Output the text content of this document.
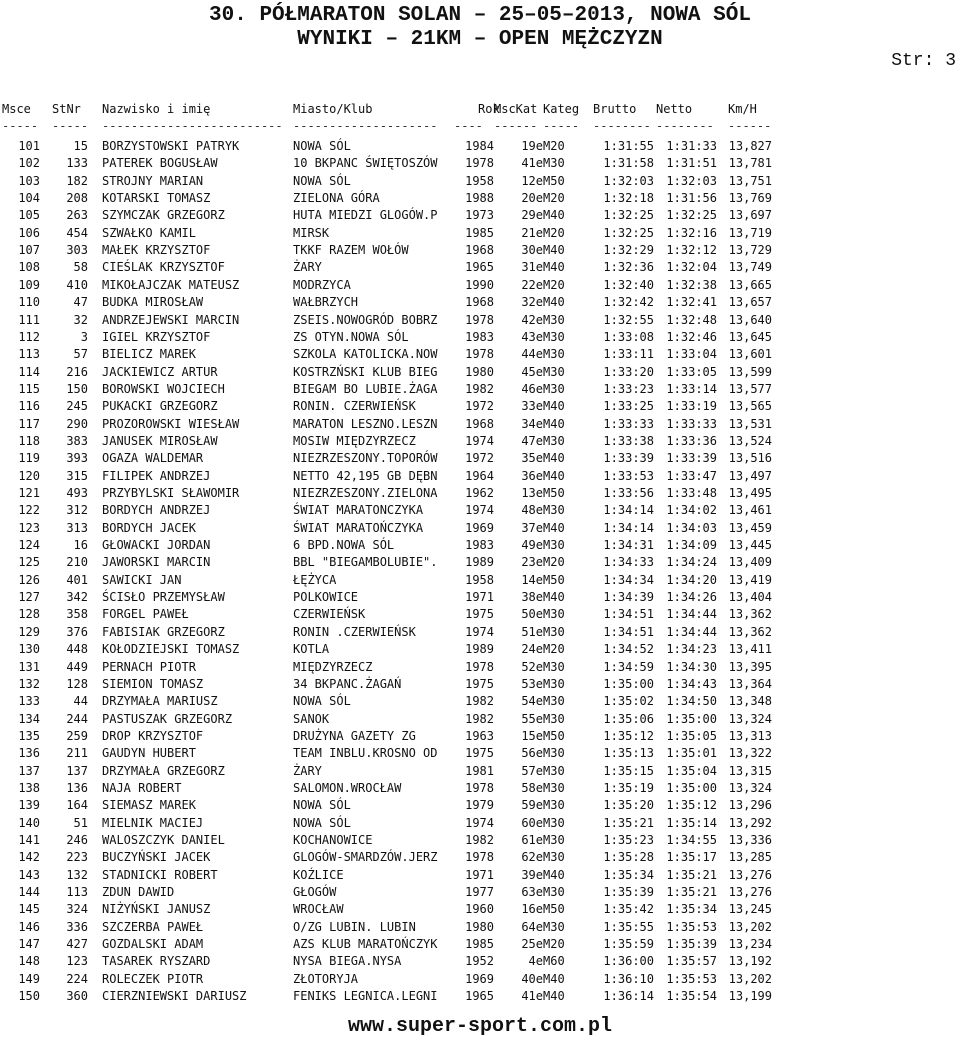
30. PÓŁMARATON SOLAN – 25–05–2013, NOWA SÓL
WYNIKI – 21KM – OPEN MĘŻCZYZN
Str: 3
Msce StNr Nazwisko i imię	Miasto/Klub	Rok
MscKat Kateg Brutto Netto	Km/H
----- ----- ------------------------- -------------------- ---- ------ ----- -------- -------- ------
101	15 BORZYSTOWSKI PATRYK	NOWA SÓL	1984	19e M20	1:31:55	1:31:33 13,827
102	133 PATEREK BOGUSŁAW	10 BKPANC ŚWIĘTOSZÓW	1978	41e M30	1:31:58	1:31:51 13,781
103	182 STROJNY MARIAN	NOWA SÓL	1958	12e M50	1:32:03	1:32:03 13,751
104	208 KOTARSKI TOMASZ	ZIELONA GÓRA	1988	20e M20	1:32:18	1:31:56 13,769
105	263 SZYMCZAK GRZEGORZ	HUTA MIEDZI GLOGÓW.P	1973	29e M40	1:32:25	1:32:25 13,697
106	454 SZWAŁKO KAMIL	MIRSK	1985	21e M20	1:32:25	1:32:16 13,719
107	303 MAŁEK KRZYSZTOF	TKKF RAZEM WOŁÓW	1968	30e M40	1:32:29	1:32:12 13,729
108	58 CIEŚLAK KRZYSZTOF	ŻARY	1965	31e M40	1:32:36	1:32:04 13,749
109	410 MIKOŁAJCZAK MATEUSZ	MODRZYCA	1990	22e M20	1:32:40	1:32:38 13,665
110	47 BUDKA MIROSŁAW	WAŁBRZYCH	1968	32e M40	1:32:42	1:32:41 13,657
111	32 ANDRZEJEWSKI MARCIN	ZSEIS.NOWOGRÓD BOBRZ	1978	42e M30	1:32:55	1:32:48 13,640
112	3 IGIEL KRZYSZTOF	ZS OTYN.NOWA SÓL	1983	43e M30	1:33:08	1:32:46 13,645
113	57 BIELICZ MAREK	SZKOLA KATOLICKA.NOW	1978	44e M30	1:33:11	1:33:04 13,601
114	216 JACKIEWICZ ARTUR	KOSTRZŃSKI KLUB BIEG	1980	45e M30	1:33:20	1:33:05 13,599
115	150 BOROWSKI WOJCIECH	BIEGAM BO LUBIE.ŻAGA	1982	46e M30	1:33:23	1:33:14 13,577
116	245 PUKACKI GRZEGORZ	RONIN. CZERWIEŃSK	1972	33e M40	1:33:25	1:33:19 13,565
117	290 PROZOROWSKI WIESŁAW	MARATON LESZNO.LESZN	1968	34e M40	1:33:33	1:33:33 13,531
118	383 JANUSEK MIROSŁAW	MOSIW MIĘDZYRZECZ	1974	47e M30	1:33:38	1:33:36 13,524
119	393 OGAZA WALDEMAR	NIEZRZESZONY.TOPORÓW	1972	35e M40	1:33:39	1:33:39 13,516
120	315 FILIPEK ANDRZEJ	NETTO 42,195 GB DĘBN	1964	36e M40	1:33:53	1:33:47 13,497
121	493 PRZYBYLSKI SŁAWOMIR	NIEZRZESZONY.ZIELONA	1962	13e M50	1:33:56	1:33:48 13,495
122	312 BORDYCH ANDRZEJ	ŚWIAT MARATONCZYKA	1974	48e M30	1:34:14	1:34:02 13,461
123	313 BORDYCH JACEK	ŚWIAT MARATOŃCZYKA	1969	37e M40	1:34:14	1:34:03 13,459
124	16 GŁOWACKI JORDAN	6 BPD.NOWA SÓL	1983	49e M30	1:34:31	1:34:09 13,445
125	210 JAWORSKI MARCIN	BBL "BIEGAMBOLUBIE".	1989	23e M20	1:34:33	1:34:24 13,409
126	401 SAWICKI JAN	ŁĘŻYCA	1958	14e M50	1:34:34	1:34:20 13,419
127	342 ŚCISŁO PRZEMYSŁAW	POLKOWICE	1971	38e M40	1:34:39	1:34:26 13,404
128	358 FORGEL PAWEŁ	CZERWIEŃSK	1975	50e M30	1:34:51	1:34:44 13,362
129	376 FABISIAK GRZEGORZ	RONIN .CZERWIEŃSK	1974	51e M30	1:34:51	1:34:44 13,362
130	448 KOŁODZIEJSKI TOMASZ	KOTLA	1989	24e M20	1:34:52	1:34:23 13,411
131	449 PERNACH PIOTR	MIĘDZYRZECZ	1978	52e M30	1:34:59	1:34:30 13,395
132	128 SIEMION TOMASZ	34 BKPANC.ŻAGAŃ	1975	53e M30	1:35:00	1:34:43 13,364
133	44 DRZYMAŁA MARIUSZ	NOWA SÓL	1982	54e M30	1:35:02	1:34:50 13,348
134	244 PASTUSZAK GRZEGORZ	SANOK	1982	55e M30	1:35:06	1:35:00 13,324
135	259 DROP KRZYSZTOF	DRUŻYNA GAZETY ZG	1963	15e M50	1:35:12	1:35:05 13,313
136	211 GAUDYN HUBERT	TEAM INBLU.KROSNO OD	1975	56e M30	1:35:13	1:35:01 13,322
137	137 DRZYMAŁA GRZEGORZ	ŻARY	1981	57e M30	1:35:15	1:35:04 13,315
138	136 NAJA ROBERT	SALOMON.WROCŁAW	1978	58e M30	1:35:19	1:35:00 13,324
139	164 SIEMASZ MAREK	NOWA SÓL	1979	59e M30	1:35:20	1:35:12 13,296
140	51 MIELNIK MACIEJ	NOWA SÓL	1974	60e M30	1:35:21	1:35:14 13,292
141	246 WALOSZCZYK DANIEL	KOCHANOWICE	1982	61e M30	1:35:23	1:34:55 13,336
142	223 BUCZYŃSKI JACEK	GLOGÓW-SMARDZÓW.JERZ	1978	62e M30	1:35:28	1:35:17 13,285
143	132 STADNICKI ROBERT	KOŹLICE	1971	39e M40	1:35:34	1:35:21 13,276
144	113 ZDUN DAWID	GŁOGÓW	1977	63e M30	1:35:39	1:35:21 13,276
145	324 NIŻYŃSKI JANUSZ	WROCŁAW	1960	16e M50	1:35:42	1:35:34 13,245
146	336 SZCZERBA PAWEŁ	O/ZG LUBIN. LUBIN	1980	64e M30	1:35:55	1:35:53 13,202
147	427 GOZDALSKI ADAM	AZS KLUB MARATOŃCZYK	1985	25e M20	1:35:59	1:35:39 13,234
148	123 TASAREK RYSZARD	NYSA BIEGA.NYSA	1952	4e M60	1:36:00	1:35:57 13,192
149	224 ROLECZEK PIOTR	ZŁOTORYJA	1969	40e M40	1:36:10	1:35:53 13,202
150	360 CIERZNIEWSKI DARIUSZ	FENIKS LEGNICA.LEGNI	1965	41e M40	1:36:14	1:35:54 13,199
www.super-sport.com.pl
